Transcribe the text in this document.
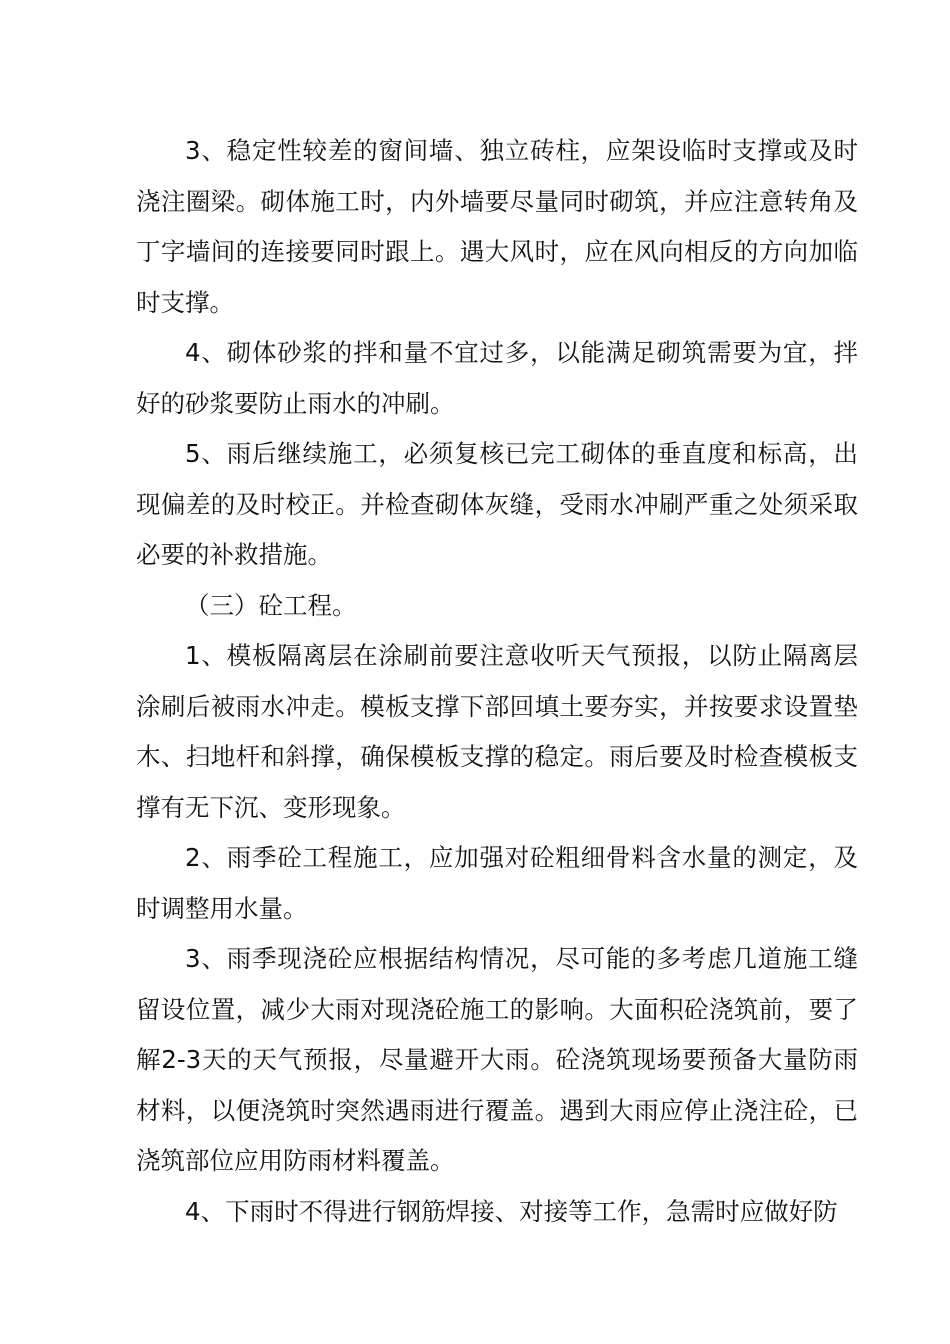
3、稳定性较差的窗间墙、独立砖柱，应架设临时支撑或及时浇注圈梁。砌体施工时，内外墙要尽量同时砌筑，并应注意转角及丁字墙间的连接要同时跟上。遇大风时，应在风向相反的方向加临时支撑。

4、砌体砂浆的拌和量不宜过多，以能满足砌筑需要为宜，拌好的砂浆要防止雨水的冲刷。

5、雨后继续施工，必须复核已完工砌体的垂直度和标高，出现偏差的及时校正。并检查砌体灰缝，受雨水冲刷严重之处须采取必要的补救措施。

（三）砼工程。

1、模板隔离层在涂刷前要注意收听天气预报，以防止隔离层涂刷后被雨水冲走。模板支撑下部回填土要夯实，并按要求设置垫木、扫地杆和斜撑，确保模板支撑的稳定。雨后要及时检查模板支撑有无下沉、变形现象。

2、雨季砼工程施工，应加强对砼粗细骨料含水量的测定，及时调整用水量。

3、雨季现浇砼应根据结构情况，尽可能的多考虑几道施工缝留设位置，减少大雨对现浇砼施工的影响。大面积砼浇筑前，要了解2-3天的天气预报，尽量避开大雨。砼浇筑现场要预备大量防雨材料，以便浇筑时突然遇雨进行覆盖。遇到大雨应停止浇注砼，已浇筑部位应用防雨材料覆盖。

4、下雨时不得进行钢筋焊接、对接等工作，急需时应做好防
